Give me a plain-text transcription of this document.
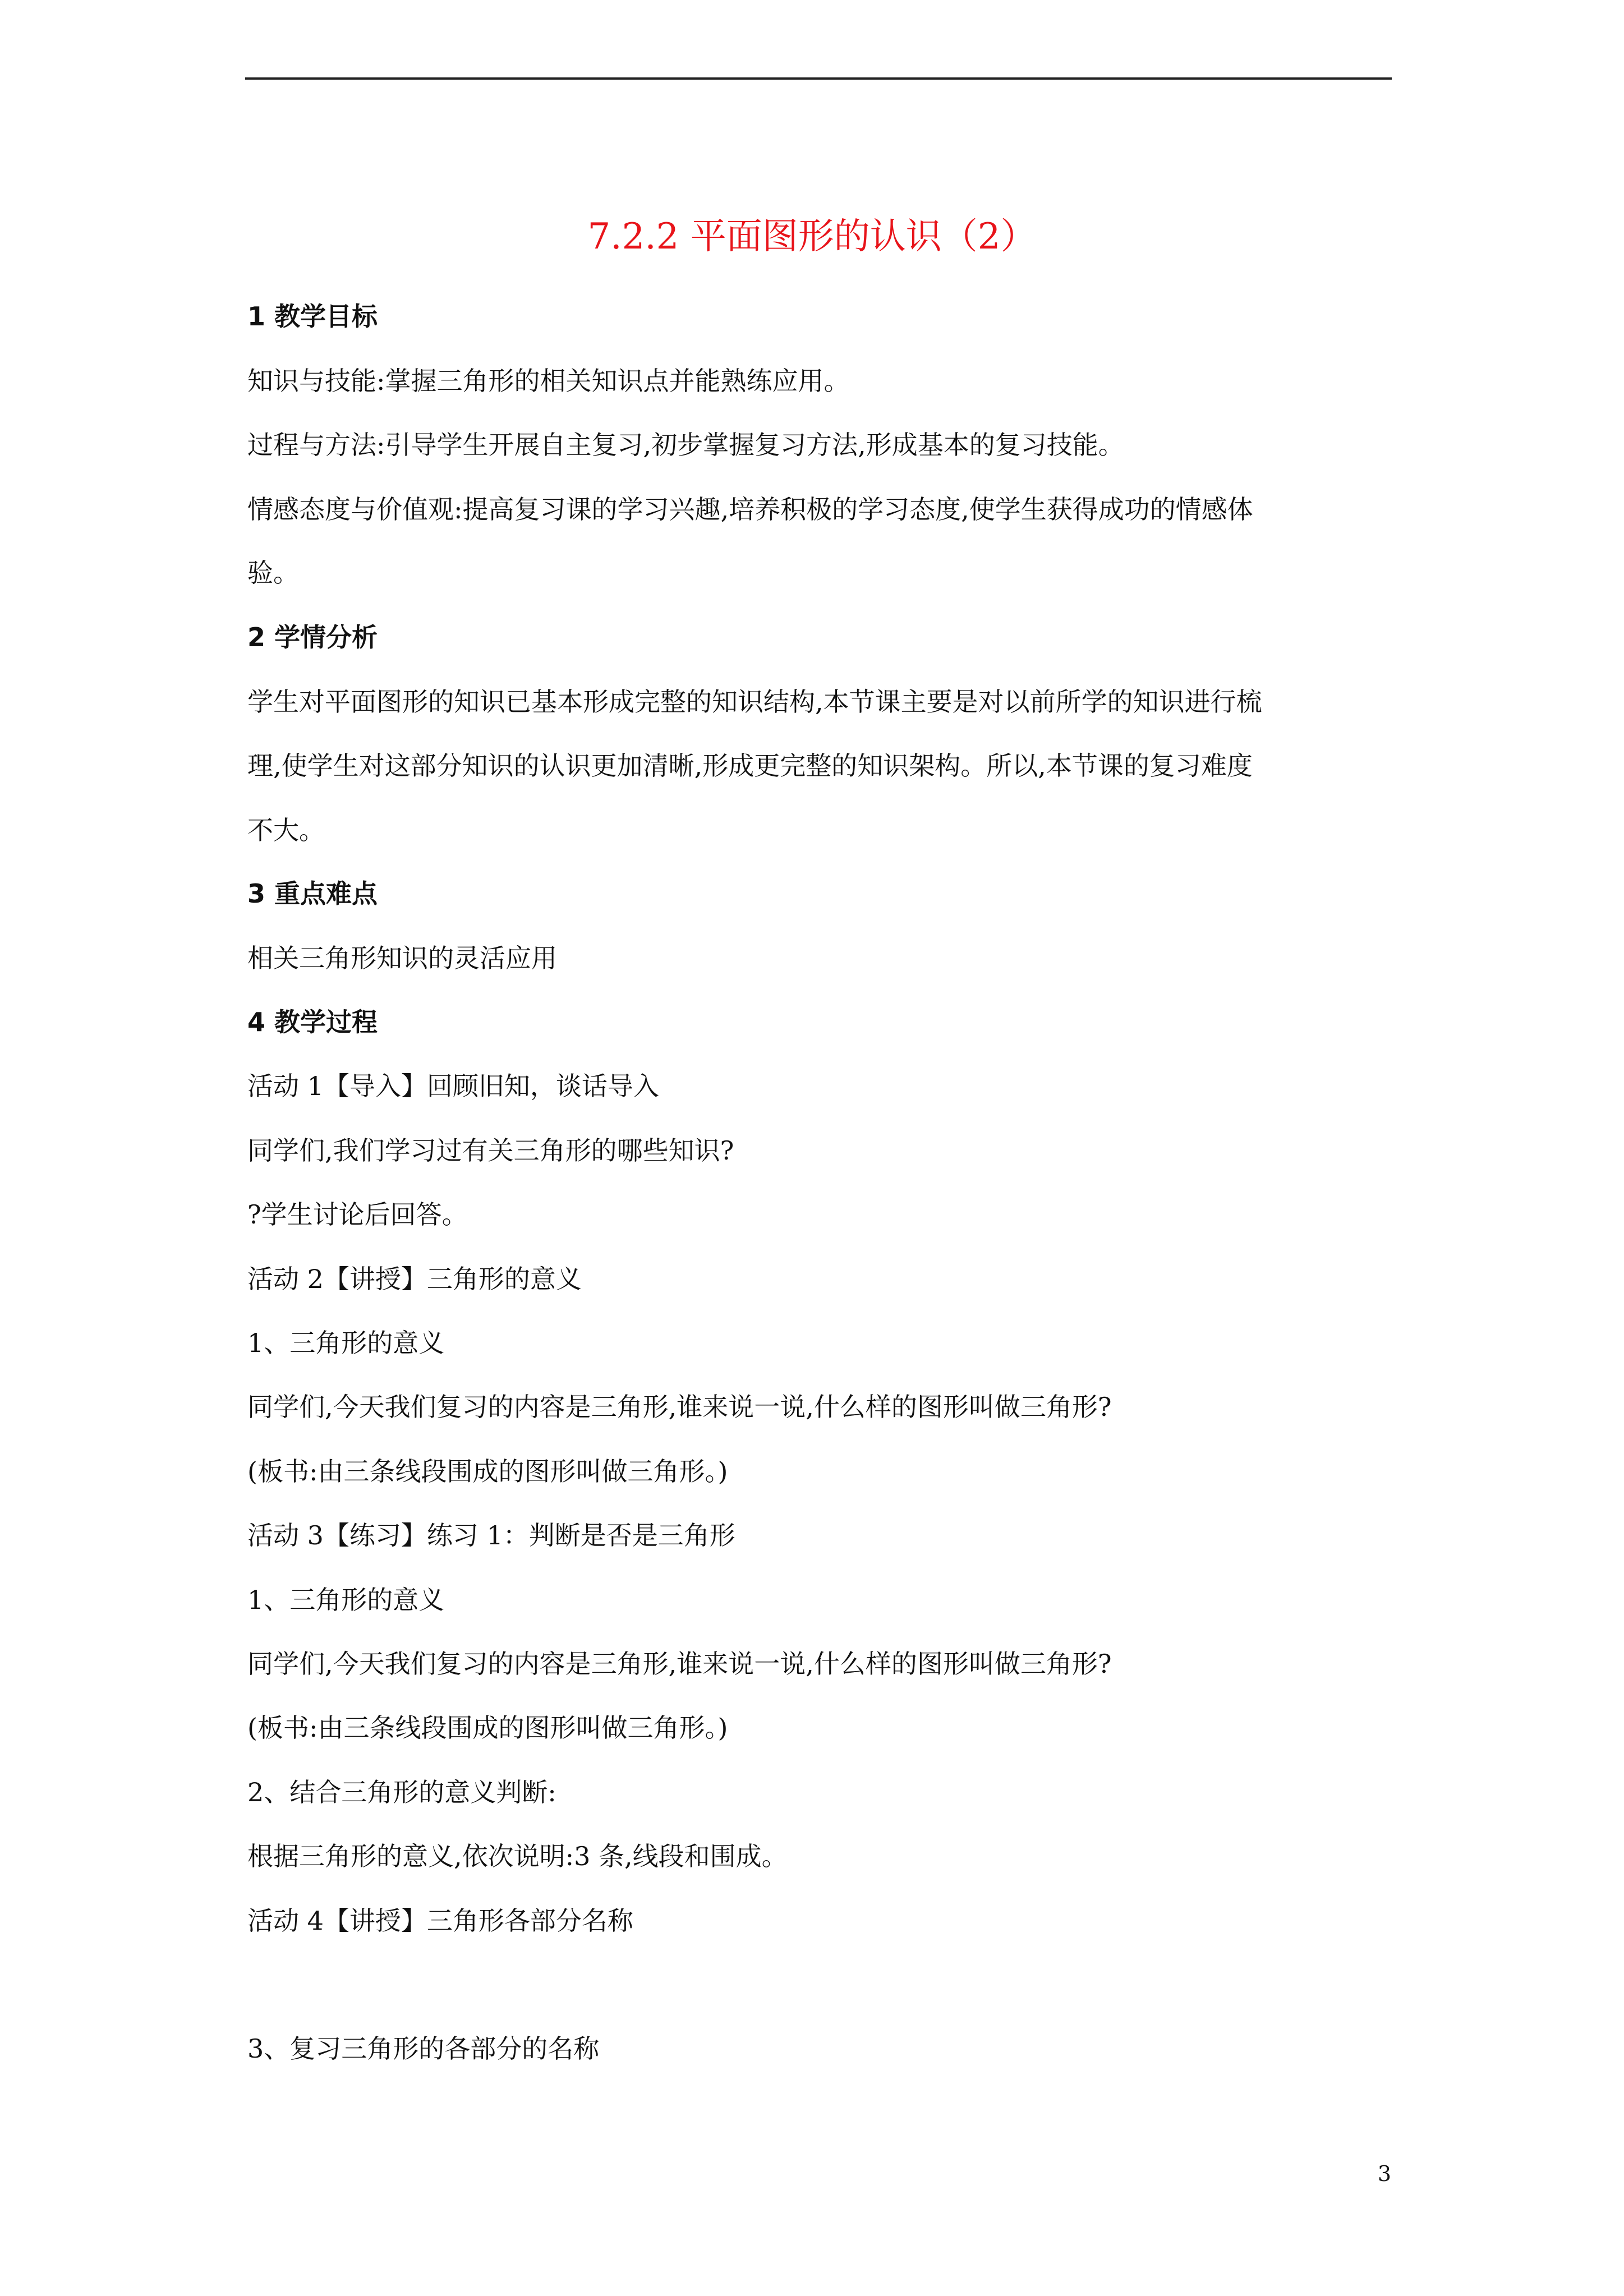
7.2.2 平面图形的认识（2）
1 教学目标
知识与技能:掌握三角形的相关知识点并能熟练应用。
过程与方法:引导学生开展自主复习,初步掌握复习方法,形成基本的复习技能。
情感态度与价值观:提高复习课的学习兴趣,培养积极的学习态度,使学生获得成功的情感体
验。
2 学情分析
学生对平面图形的知识已基本形成完整的知识结构,本节课主要是对以前所学的知识进行梳
理,使学生对这部分知识的认识更加清晰,形成更完整的知识架构。所以,本节课的复习难度
不大。
3 重点难点
相关三角形知识的灵活应用
4 教学过程
活动 1【导入】回顾旧知，谈话导入
同学们,我们学习过有关三角形的哪些知识?
?学生讨论后回答。
活动 2【讲授】三角形的意义
1、三角形的意义
同学们,今天我们复习的内容是三角形,谁来说一说,什么样的图形叫做三角形?
(板书:由三条线段围成的图形叫做三角形。)
活动 3【练习】练习 1：判断是否是三角形
1、三角形的意义
同学们,今天我们复习的内容是三角形,谁来说一说,什么样的图形叫做三角形?
(板书:由三条线段围成的图形叫做三角形。)
2、结合三角形的意义判断:
根据三角形的意义,依次说明:3 条,线段和围成。
活动 4【讲授】三角形各部分名称
3、复习三角形的各部分的名称
3
